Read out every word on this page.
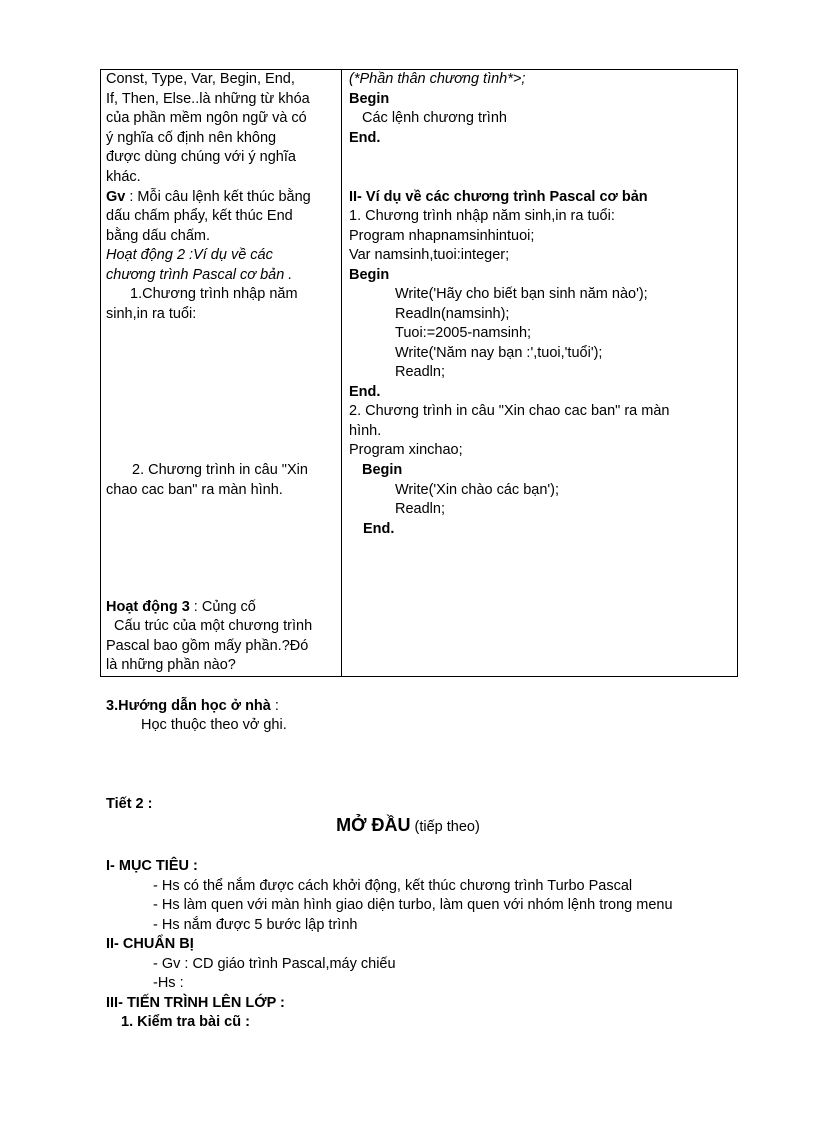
Const, Type, Var, Begin, End,
If, Then, Else..là những từ khóa
của phần mềm ngôn ngữ và có
ý nghĩa cố định nên không
được dùng chúng với ý nghĩa
khác.
Gv : Mỗi câu lệnh kết thúc bằng
dấu chấm phẩy, kết thúc End
bằng dấu chấm.
Hoạt động 2 :Ví dụ về các
chương trình Pascal cơ bản .
1.Chương trình nhập năm
sinh,in ra tuổi:
2. Chương trình in câu "Xin
chao cac ban" ra màn hình.
Hoạt động 3 : Củng cố
Cấu trúc của một chương trình
Pascal bao gồm mấy phần.?Đó
là những phần nào?
(*Phần thân chương tình*>;
Begin
Các lệnh chương trình
End.
II- Ví dụ về các chương trình Pascal cơ bản
1. Chương trình nhập năm sinh,in ra tuổi:
Program nhapnamsinhintuoi;
Var namsinh,tuoi:integer;
Begin
Write('Hãy cho biết bạn sinh năm nào');
Readln(namsinh);
Tuoi:=2005-namsinh;
Write('Năm nay bạn :',tuoi,'tuổi');
Readln;
End.
2. Chương trình in câu "Xin chao cac ban" ra màn
hình.
Program xinchao;
Begin
Write('Xin chào các bạn');
Readln;
End.
3.Hướng dẫn học ở nhà :
Học thuộc theo vở ghi.
Tiết 2 :
MỞ ĐẦU (tiếp theo)
I- MỤC TIÊU :
- Hs có thể nắm được cách khởi động, kết thúc chương trình Turbo Pascal
- Hs làm quen với màn hình giao diện turbo, làm quen với nhóm lệnh trong menu
- Hs nắm được 5 bước lập trình
II- CHUẨN BỊ
- Gv : CD giáo trình Pascal,máy chiếu
-Hs :
III- TIẾN TRÌNH LÊN LỚP :
1. Kiểm tra bài cũ :
